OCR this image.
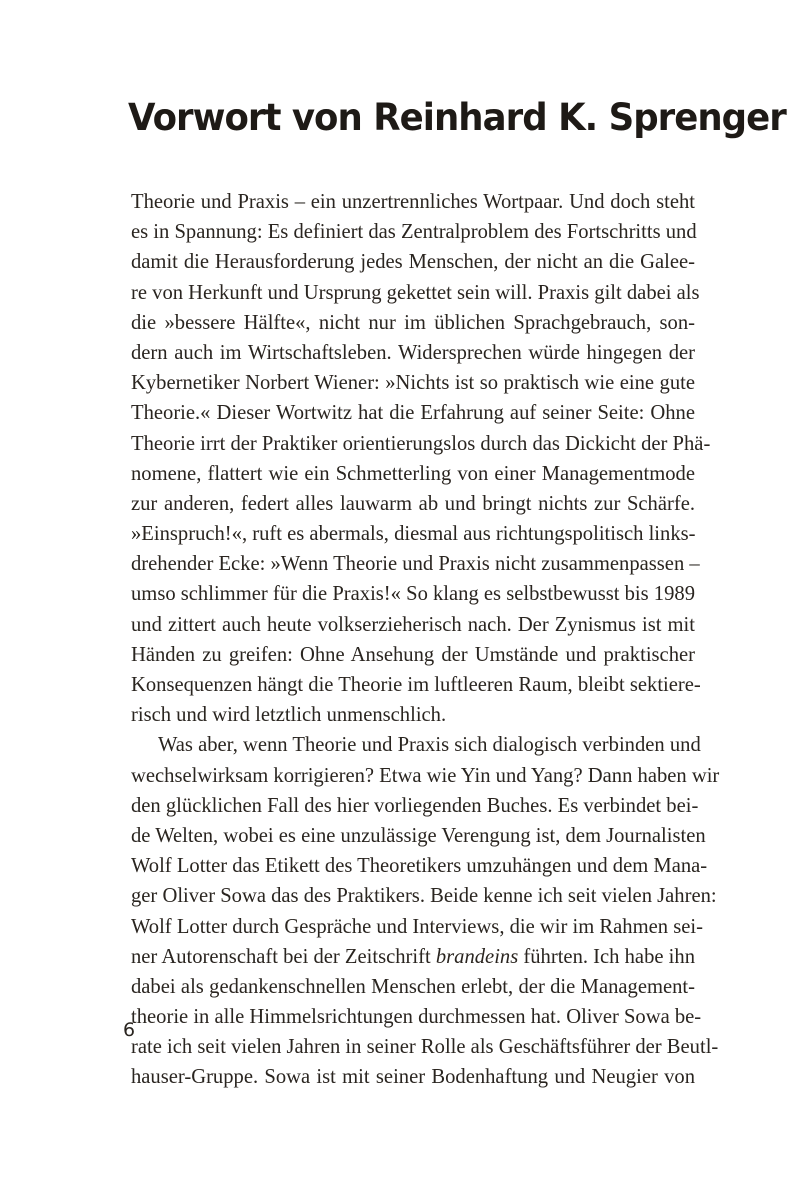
Vorwort von Reinhard K. Sprenger
Theorie und Praxis – ein unzertrennliches Wortpaar. Und doch steht
es in Spannung: Es definiert das Zentralproblem des Fortschritts und
damit die Herausforderung jedes Menschen, der nicht an die Galee-
re von Herkunft und Ursprung gekettet sein will. Praxis gilt dabei als
die »bessere Hälfte«, nicht nur im üblichen Sprachgebrauch, son-
dern auch im Wirtschaftsleben. Widersprechen würde hingegen der
Kybernetiker Norbert Wiener: »Nichts ist so praktisch wie eine gute
Theorie.« Dieser Wortwitz hat die Erfahrung auf seiner Seite: Ohne
Theorie irrt der Praktiker orientierungslos durch das Dickicht der Phä-
nomene, flattert wie ein Schmetterling von einer Managementmode
zur anderen, federt alles lauwarm ab und bringt nichts zur Schärfe.
»Einspruch!«, ruft es abermals, diesmal aus richtungspolitisch links-
drehender Ecke: »Wenn Theorie und Praxis nicht zusammenpassen –
umso schlimmer für die Praxis!« So klang es selbstbewusst bis 1989
und zittert auch heute volkserzieherisch nach. Der Zynismus ist mit
Händen zu greifen: Ohne Ansehung der Umstände und praktischer
Konsequenzen hängt die Theorie im luftleeren Raum, bleibt sektiere-
risch und wird letztlich unmenschlich.
Was aber, wenn Theorie und Praxis sich dialogisch verbinden und
wechselwirksam korrigieren? Etwa wie Yin und Yang? Dann haben wir
den glücklichen Fall des hier vorliegenden Buches. Es verbindet bei-
de Welten, wobei es eine unzulässige Verengung ist, dem Journalisten
Wolf Lotter das Etikett des Theoretikers umzuhängen und dem Mana-
ger Oliver Sowa das des Praktikers. Beide kenne ich seit vielen Jahren:
Wolf Lotter durch Gespräche und Interviews, die wir im Rahmen sei-
ner Autorenschaft bei der Zeitschrift brandeins führten. Ich habe ihn
dabei als gedankenschnellen Menschen erlebt, der die Management-
theorie in alle Himmelsrichtungen durchmessen hat. Oliver Sowa be-
rate ich seit vielen Jahren in seiner Rolle als Geschäftsführer der Beutl-
hauser-Gruppe. Sowa ist mit seiner Bodenhaftung und Neugier von
6
